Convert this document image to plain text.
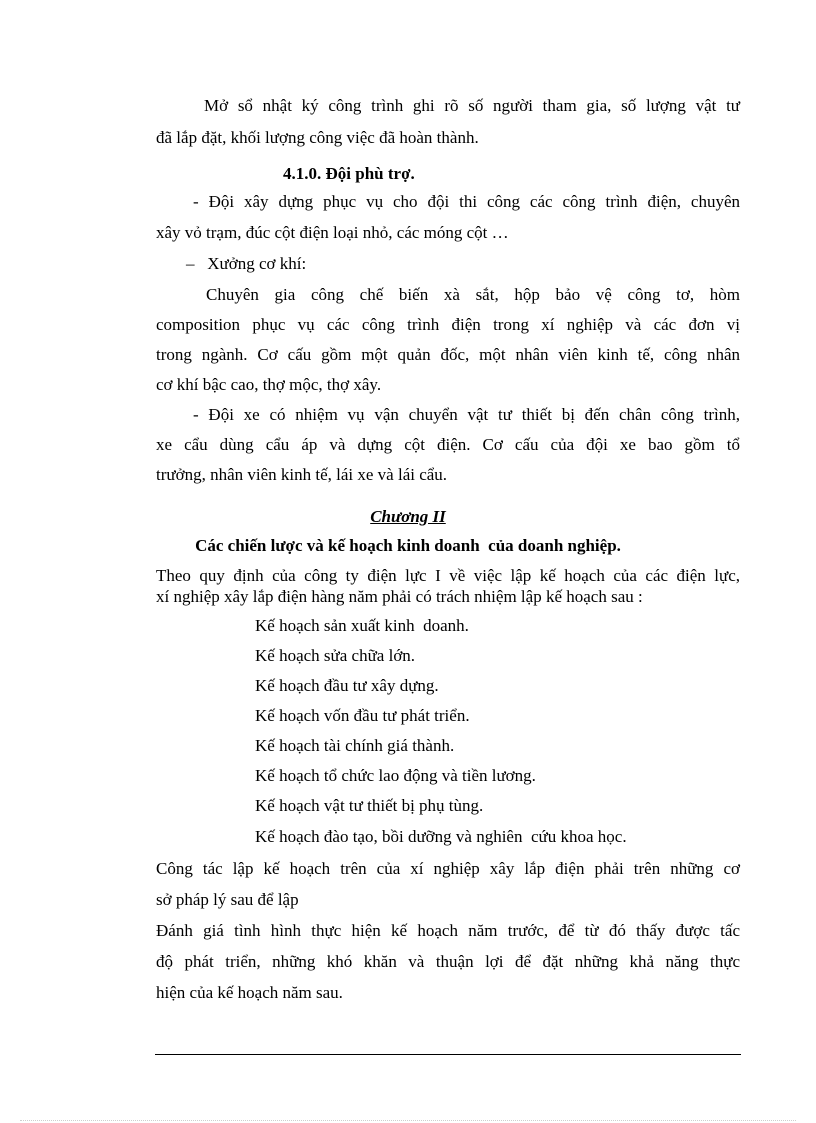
Mở sổ nhật ký công trình ghi rõ số người tham gia, số lượng vật tư
đã lắp đặt, khối lượng công việc đã hoàn thành.
4.1.0. Đội phù trợ.
- Đội xây dựng phục vụ cho đội thi công các công trình điện, chuyên
xây vỏ trạm, đúc cột điện loại nhỏ, các móng cột …
–   Xưởng cơ khí:
Chuyên gia công chế biến xà sắt, hộp bảo vệ công tơ, hòm
composition phục vụ các công trình điện trong xí nghiệp và các đơn vị
trong ngành. Cơ cấu gồm một quản đốc, một nhân viên kinh tế, công nhân
cơ khí bậc cao, thợ mộc, thợ xây.
- Đội xe có nhiệm vụ vận chuyển vật tư thiết bị đến chân công trình,
xe cẩu dùng cẩu áp và dựng cột điện. Cơ cấu của đội xe bao gồm tổ
trưởng, nhân viên kinh tế, lái xe và lái cẩu.
Chương II
Các chiến lược và kế hoạch kinh doanh  của doanh nghiệp.
Theo quy định của công ty điện lực I về việc lập kế hoạch của các điện lực,
xí nghiệp xây lắp điện hàng năm phải có trách nhiệm lập kế hoạch sau :
Kế hoạch sản xuất kinh  doanh.
Kế hoạch sửa chữa lớn.
Kế hoạch đầu tư xây dựng.
Kế hoạch vốn đầu tư phát triển.
Kế hoạch tài chính giá thành.
Kế hoạch tổ chức lao động và tiền lương.
Kế hoạch vật tư thiết bị phụ tùng.
Kế hoạch đào tạo, bồi dưỡng và nghiên  cứu khoa học.
Công tác lập kế hoạch trên của xí nghiệp xây lắp điện phải trên những cơ
sở pháp lý sau để lập
Đánh giá tình hình thực hiện kế hoạch năm trước, để từ đó thấy được tấc
độ phát triển, những khó khăn và thuận lợi để đặt những khả năng thực
hiện của kế hoạch năm sau.
